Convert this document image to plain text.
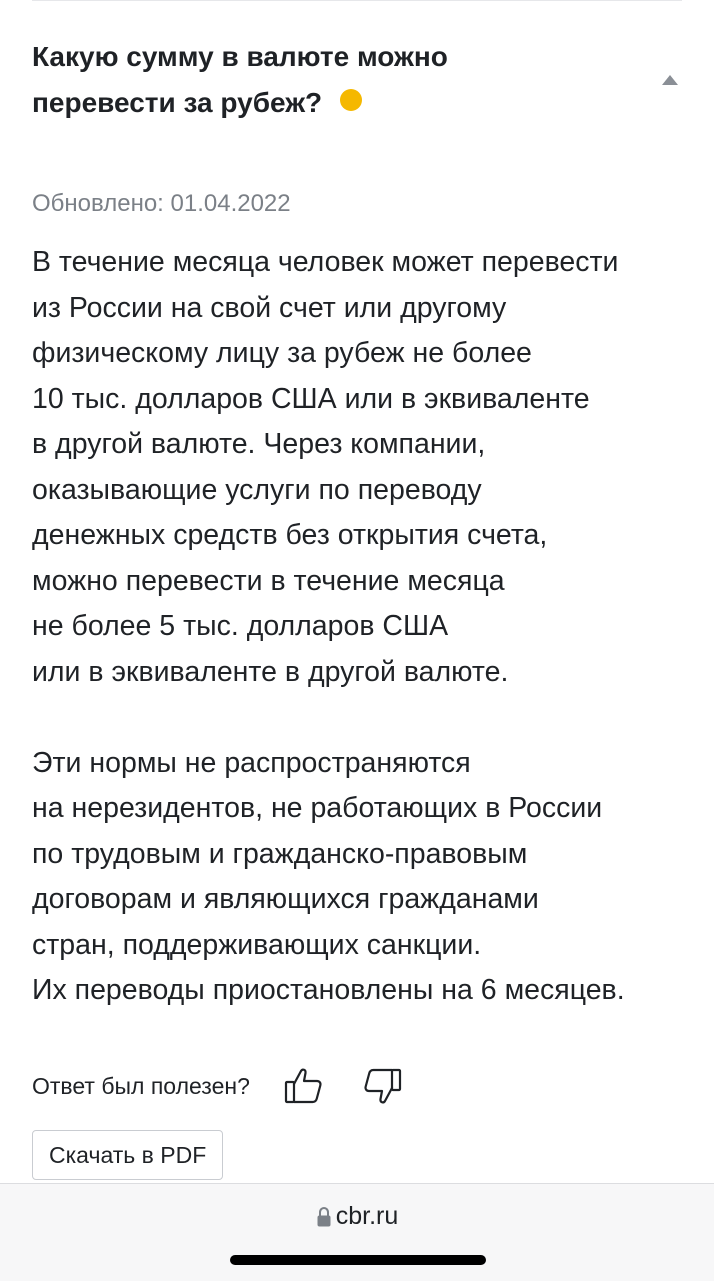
Какую сумму в валюте можно перевести за рубеж?
Обновлено: 01.04.2022
В течение месяца человек может перевести
из России на свой счет или другому
физическому лицу за рубеж не более
10 тыс. долларов США или в эквиваленте
в другой валюте. Через компании,
оказывающие услуги по переводу
денежных средств без открытия счета,
можно перевести в течение месяца
не более 5 тыс. долларов США
или в эквиваленте в другой валюте.
Эти нормы не распространяются
на нерезидентов, не работающих в России
по трудовым и гражданско-правовым
договорам и являющихся гражданами
стран, поддерживающих санкции.
Их переводы приостановлены на 6 месяцев.
Ответ был полезен?
Скачать в PDF
cbr.ru
